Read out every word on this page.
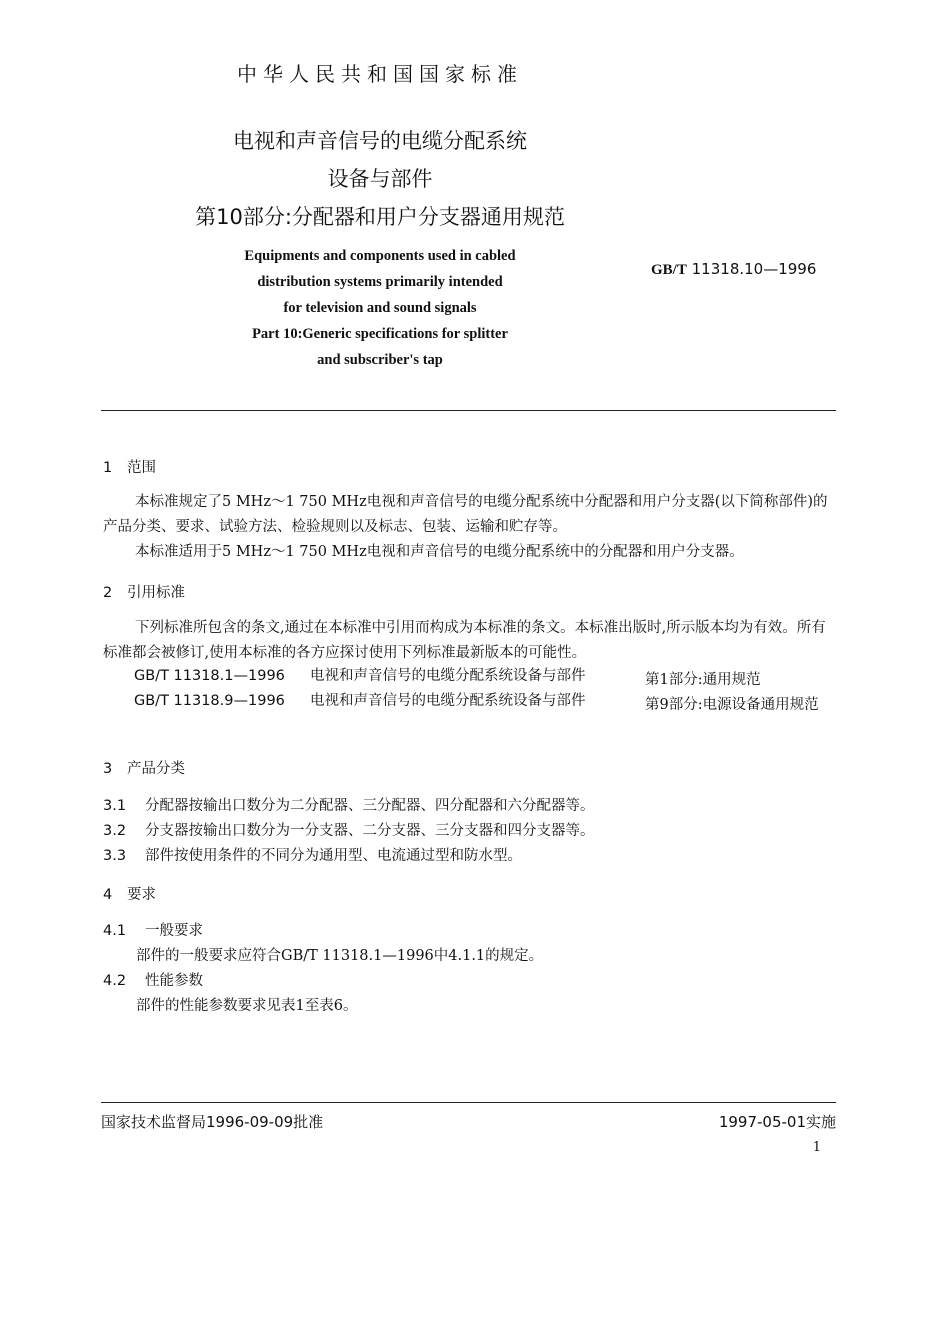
中华人民共和国国家标准
电视和声音信号的电缆分配系统
设备与部件
第10部分:分配器和用户分支器通用规范
Equipments and components used in cabled
distribution systems primarily intended
for television and sound signals
Part 10:Generic specifications for splitter
and subscriber's tap
GB/T 11318.10—1996
1 范围
本标准规定了5 MHz～1 750 MHz电视和声音信号的电缆分配系统中分配器和用户分支器(以下简称部件)的产品分类、要求、试验方法、检验规则以及标志、包装、运输和贮存等。
本标准适用于5 MHz～1 750 MHz电视和声音信号的电缆分配系统中的分配器和用户分支器。
2 引用标准
下列标准所包含的条文,通过在本标准中引用而构成为本标准的条文。本标准出版时,所示版本均为有效。所有标准都会被修订,使用本标准的各方应探讨使用下列标准最新版本的可能性。
GB/T 11318.1—1996 电视和声音信号的电缆分配系统设备与部件	第1部分:通用规范
GB/T 11318.9—1996 电视和声音信号的电缆分配系统设备与部件	第9部分:电源设备通用规范
3 产品分类
3.1 分配器按输出口数分为二分配器、三分配器、四分配器和六分配器等。
3.2 分支器按输出口数分为一分支器、二分支器、三分支器和四分支器等。
3.3 部件按使用条件的不同分为通用型、电流通过型和防水型。
4 要求
4.1 一般要求
部件的一般要求应符合GB/T 11318.1—1996中4.1.1的规定。
4.2 性能参数
部件的性能参数要求见表1至表6。
国家技术监督局1996-09-09批准	1997-05-01实施
1
